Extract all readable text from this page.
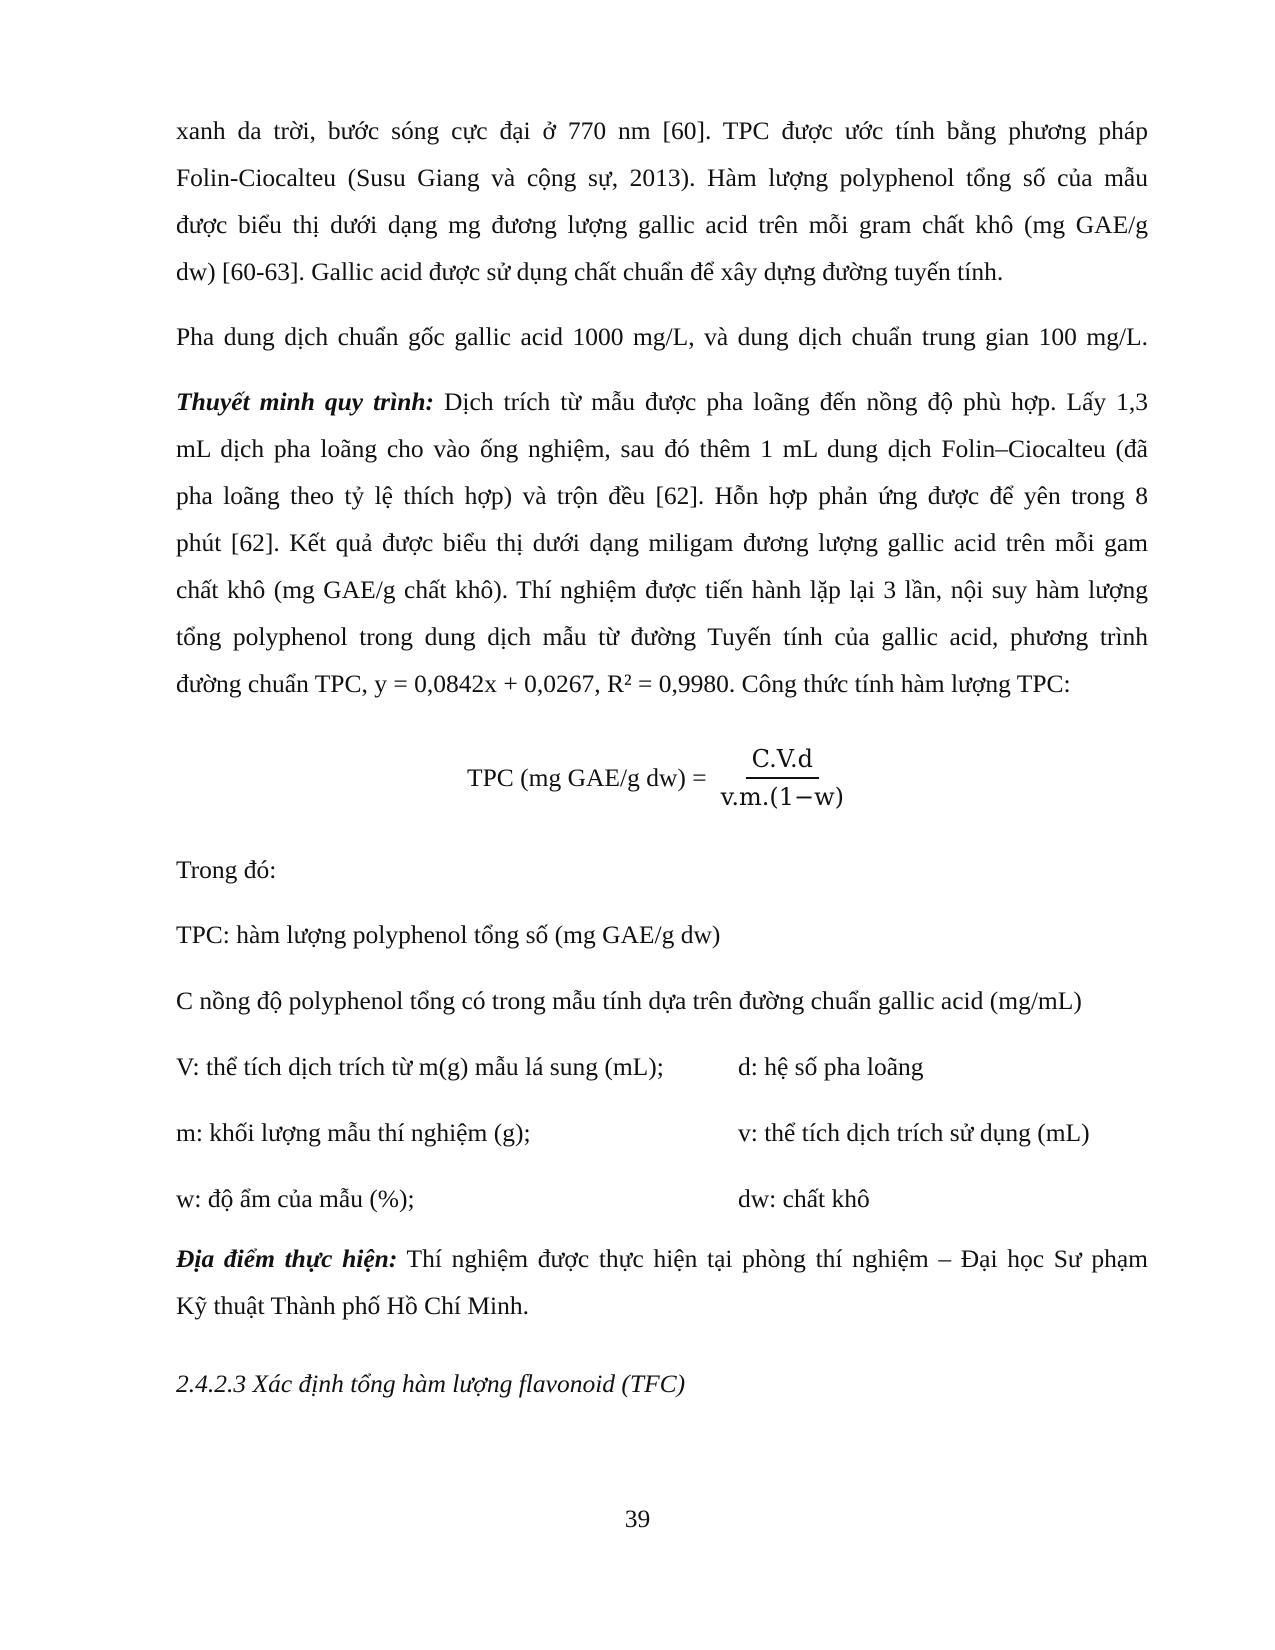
xanh da trời, bước sóng cực đại ở 770 nm [60]. TPC được ước tính bằng phương pháp
Folin-Ciocalteu (Susu Giang và cộng sự, 2013). Hàm lượng polyphenol tổng số của mẫu
được biểu thị dưới dạng mg đương lượng gallic acid trên mỗi gram chất khô (mg GAE/g
dw) [60-63]. Gallic acid được sử dụng chất chuẩn để xây dựng đường tuyến tính.
Pha dung dịch chuẩn gốc gallic acid 1000 mg/L, và dung dịch chuẩn trung gian 100 mg/L.
Thuyết minh quy trình: Dịch trích từ mẫu được pha loãng đến nồng độ phù hợp. Lấy 1,3
mL dịch pha loãng cho vào ống nghiệm, sau đó thêm 1 mL dung dịch Folin–Ciocalteu (đã
pha loãng theo tỷ lệ thích hợp) và trộn đều [62]. Hỗn hợp phản ứng được để yên trong 8
phút [62]. Kết quả được biểu thị dưới dạng miligam đương lượng gallic acid trên mỗi gam
chất khô (mg GAE/g chất khô). Thí nghiệm được tiến hành lặp lại 3 lần, nội suy hàm lượng
tổng polyphenol trong dung dịch mẫu từ đường Tuyến tính của gallic acid, phương trình
đường chuẩn TPC, y = 0,0842x + 0,0267, R² = 0,9980. Công thức tính hàm lượng TPC:
TPC (mg GAE/g $dw) = \frac{C.V.d}{v.m.(1-w)}$
Trong đó:
TPC: hàm lượng polyphenol tổng số (mg GAE/g dw)
C nồng độ polyphenol tổng có trong mẫu tính dựa trên đường chuẩn gallic acid (mg/mL)
V: thể tích dịch trích từ m(g) mẫu lá sung (mL);	d: hệ số pha loãng
m: khối lượng mẫu thí nghiệm (g);	v: thể tích dịch trích sử dụng (mL)
w: độ ẩm của mẫu (%);	dw: chất khô
Địa điểm thực hiện: Thí nghiệm được thực hiện tại phòng thí nghiệm – Đại học Sư phạm
Kỹ thuật Thành phố Hồ Chí Minh.
2.4.2.3 Xác định tổng hàm lượng flavonoid (TFC)
39
